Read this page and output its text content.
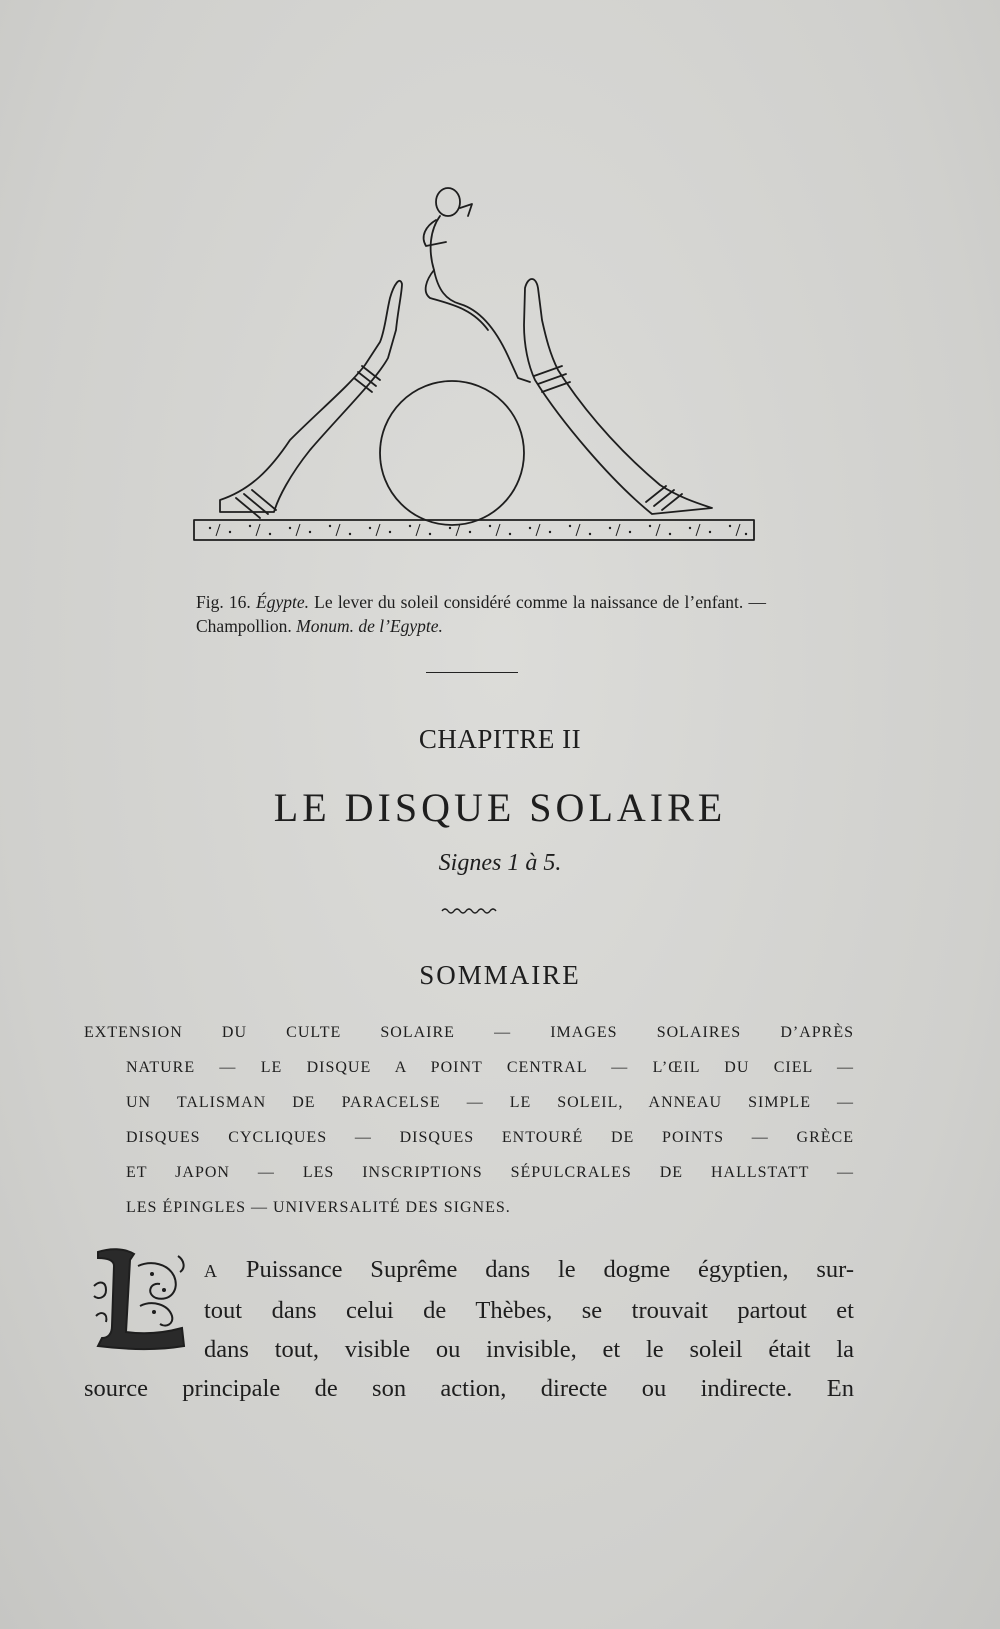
Fig. 16. Égypte. Le lever du soleil considéré comme la naissance de l’enfant. — Champollion. Monum. de l’Egypte.
CHAPITRE II
LE DISQUE SOLAIRE
Signes 1 à 5.
SOMMAIRE
EXTENSION DU CULTE SOLAIRE — IMAGES SOLAIRES D’APRÈS
NATURE — LE DISQUE A POINT CENTRAL — L’ŒIL DU CIEL —
UN TALISMAN DE PARACELSE — LE SOLEIL, ANNEAU SIMPLE —
DISQUES CYCLIQUES — DISQUES ENTOURÉ DE POINTS — GRÈCE
ET JAPON — LES INSCRIPTIONS SÉPULCRALES DE HALLSTATT —
LES ÉPINGLES — UNIVERSALITÉ DES SIGNES.
A Puissance Suprême dans le dogme égyptien, sur-
tout dans celui de Thèbes, se trouvait partout et
dans tout, visible ou invisible, et le soleil était la
source principale de son action, directe ou indirecte. En
